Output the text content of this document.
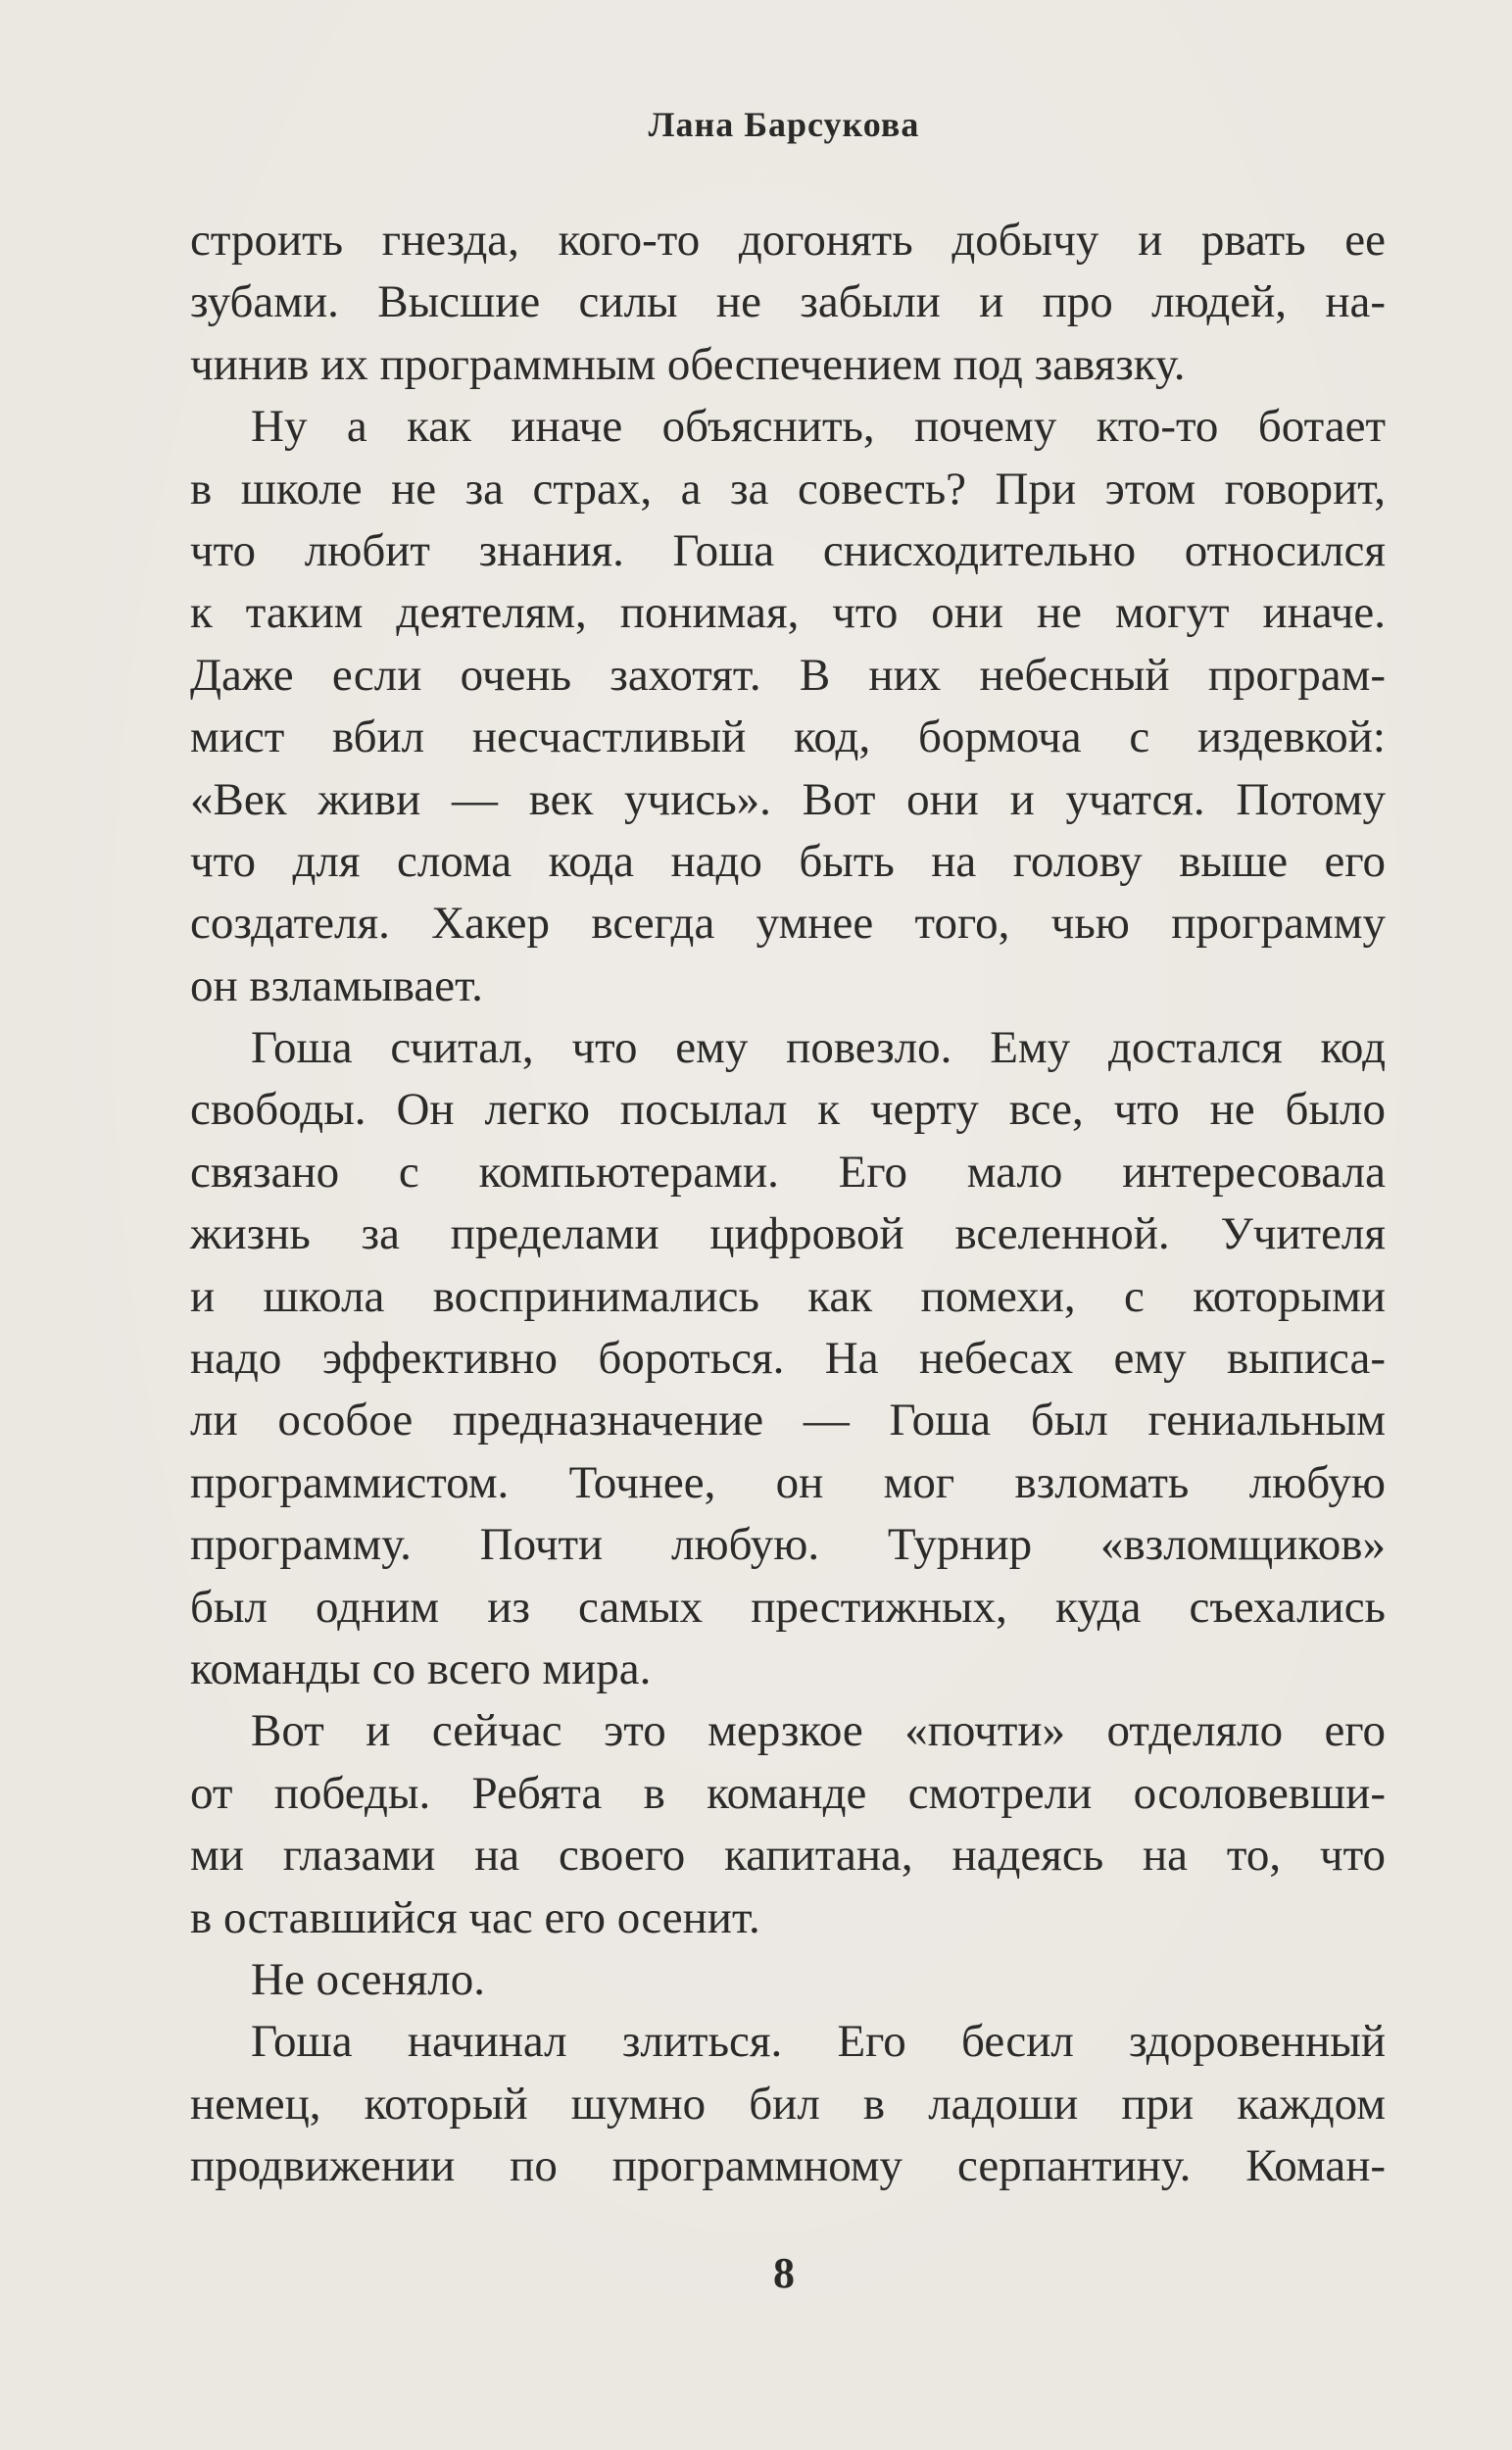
Лана Барсукова
строить гнезда, кого-то догонять добычу и рвать ее
зубами. Высшие силы не забыли и про людей, на-
чинив их программным обеспечением под завязку.
Ну а как иначе объяснить, почему кто-то ботает
в школе не за страх, а за совесть? При этом говорит,
что любит знания. Гоша снисходительно относился
к таким деятелям, понимая, что они не могут иначе.
Даже если очень захотят. В них небесный програм-
мист вбил несчастливый код, бормоча с издевкой:
«Век живи — век учись». Вот они и учатся. Потому
что для слома кода надо быть на голову выше его
создателя. Хакер всегда умнее того, чью программу
он взламывает.
Гоша считал, что ему повезло. Ему достался код
свободы. Он легко посылал к черту все, что не было
связано с компьютерами. Его мало интересовала
жизнь за пределами цифровой вселенной. Учителя
и школа воспринимались как помехи, с которыми
надо эффективно бороться. На небесах ему выписа-
ли особое предназначение — Гоша был гениальным
программистом. Точнее, он мог взломать любую
программу. Почти любую. Турнир «взломщиков»
был одним из самых престижных, куда съехались
команды со всего мира.
Вот и сейчас это мерзкое «почти» отделяло его
от победы. Ребята в команде смотрели осоловевши-
ми глазами на своего капитана, надеясь на то, что
в оставшийся час его осенит.
Не осеняло.
Гоша начинал злиться. Его бесил здоровенный
немец, который шумно бил в ладоши при каждом
продвижении по программному серпантину. Коман-
8
